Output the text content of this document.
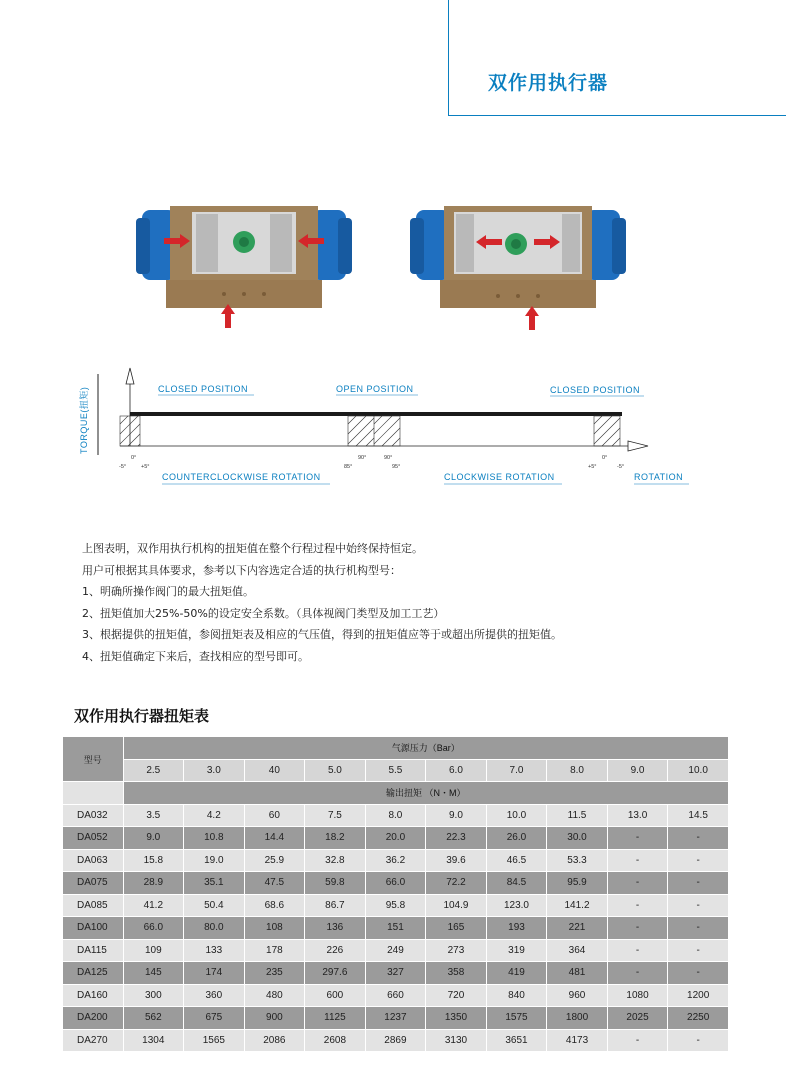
双作用执行器
TORQUE(扭矩)	CLOSED POSITION	OPEN POSITION	CLOSED POSITION
0°
-5°	+5°
90°
85°
90°
95°
0°
+5°	-5°
COUNTERCLOCKWISE ROTATION	CLOCKWISE ROTATION	ROTATION
上图表明，双作用执行机构的扭矩值在整个行程过程中始终保持恒定。
用户可根据其具体要求，参考以下内容选定合适的执行机构型号：
1、明确所操作阀门的最大扭矩值。
2、扭矩值加大25%-50%的设定安全系数。（具体视阀门类型及加工工艺）
3、根据提供的扭矩值，参阅扭矩表及相应的气压值，得到的扭矩值应等于或超出所提供的扭矩值。
4、扭矩值确定下来后，查找相应的型号即可。
双作用执行器扭矩表
型号	气源压力（Bar）									
	2.5	3.0	40	5.0	5.5	6.0	7.0	8.0	9.0	10.0
	输出扭矩 （N・M）									
DA032	3.5	4.2	60	7.5	8.0	9.0	10.0	11.5	13.0	14.5
DA052	9.0	10.8	14.4	18.2	20.0	22.3	26.0	30.0	-	-
DA063	15.8	19.0	25.9	32.8	36.2	39.6	46.5	53.3	-	-
DA075	28.9	35.1	47.5	59.8	66.0	72.2	84.5	95.9	-	-
DA085	41.2	50.4	68.6	86.7	95.8	104.9	123.0	141.2	-	-
DA100	66.0	80.0	108	136	151	165	193	221	-	-
DA115	109	133	178	226	249	273	319	364	-	-
DA125	145	174	235	297.6	327	358	419	481	-	-
DA160	300	360	480	600	660	720	840	960	1080	1200
DA200	562	675	900	1125	1237	1350	1575	1800	2025	2250
DA270	1304	1565	2086	2608	2869	3130	3651	4173	-	-
